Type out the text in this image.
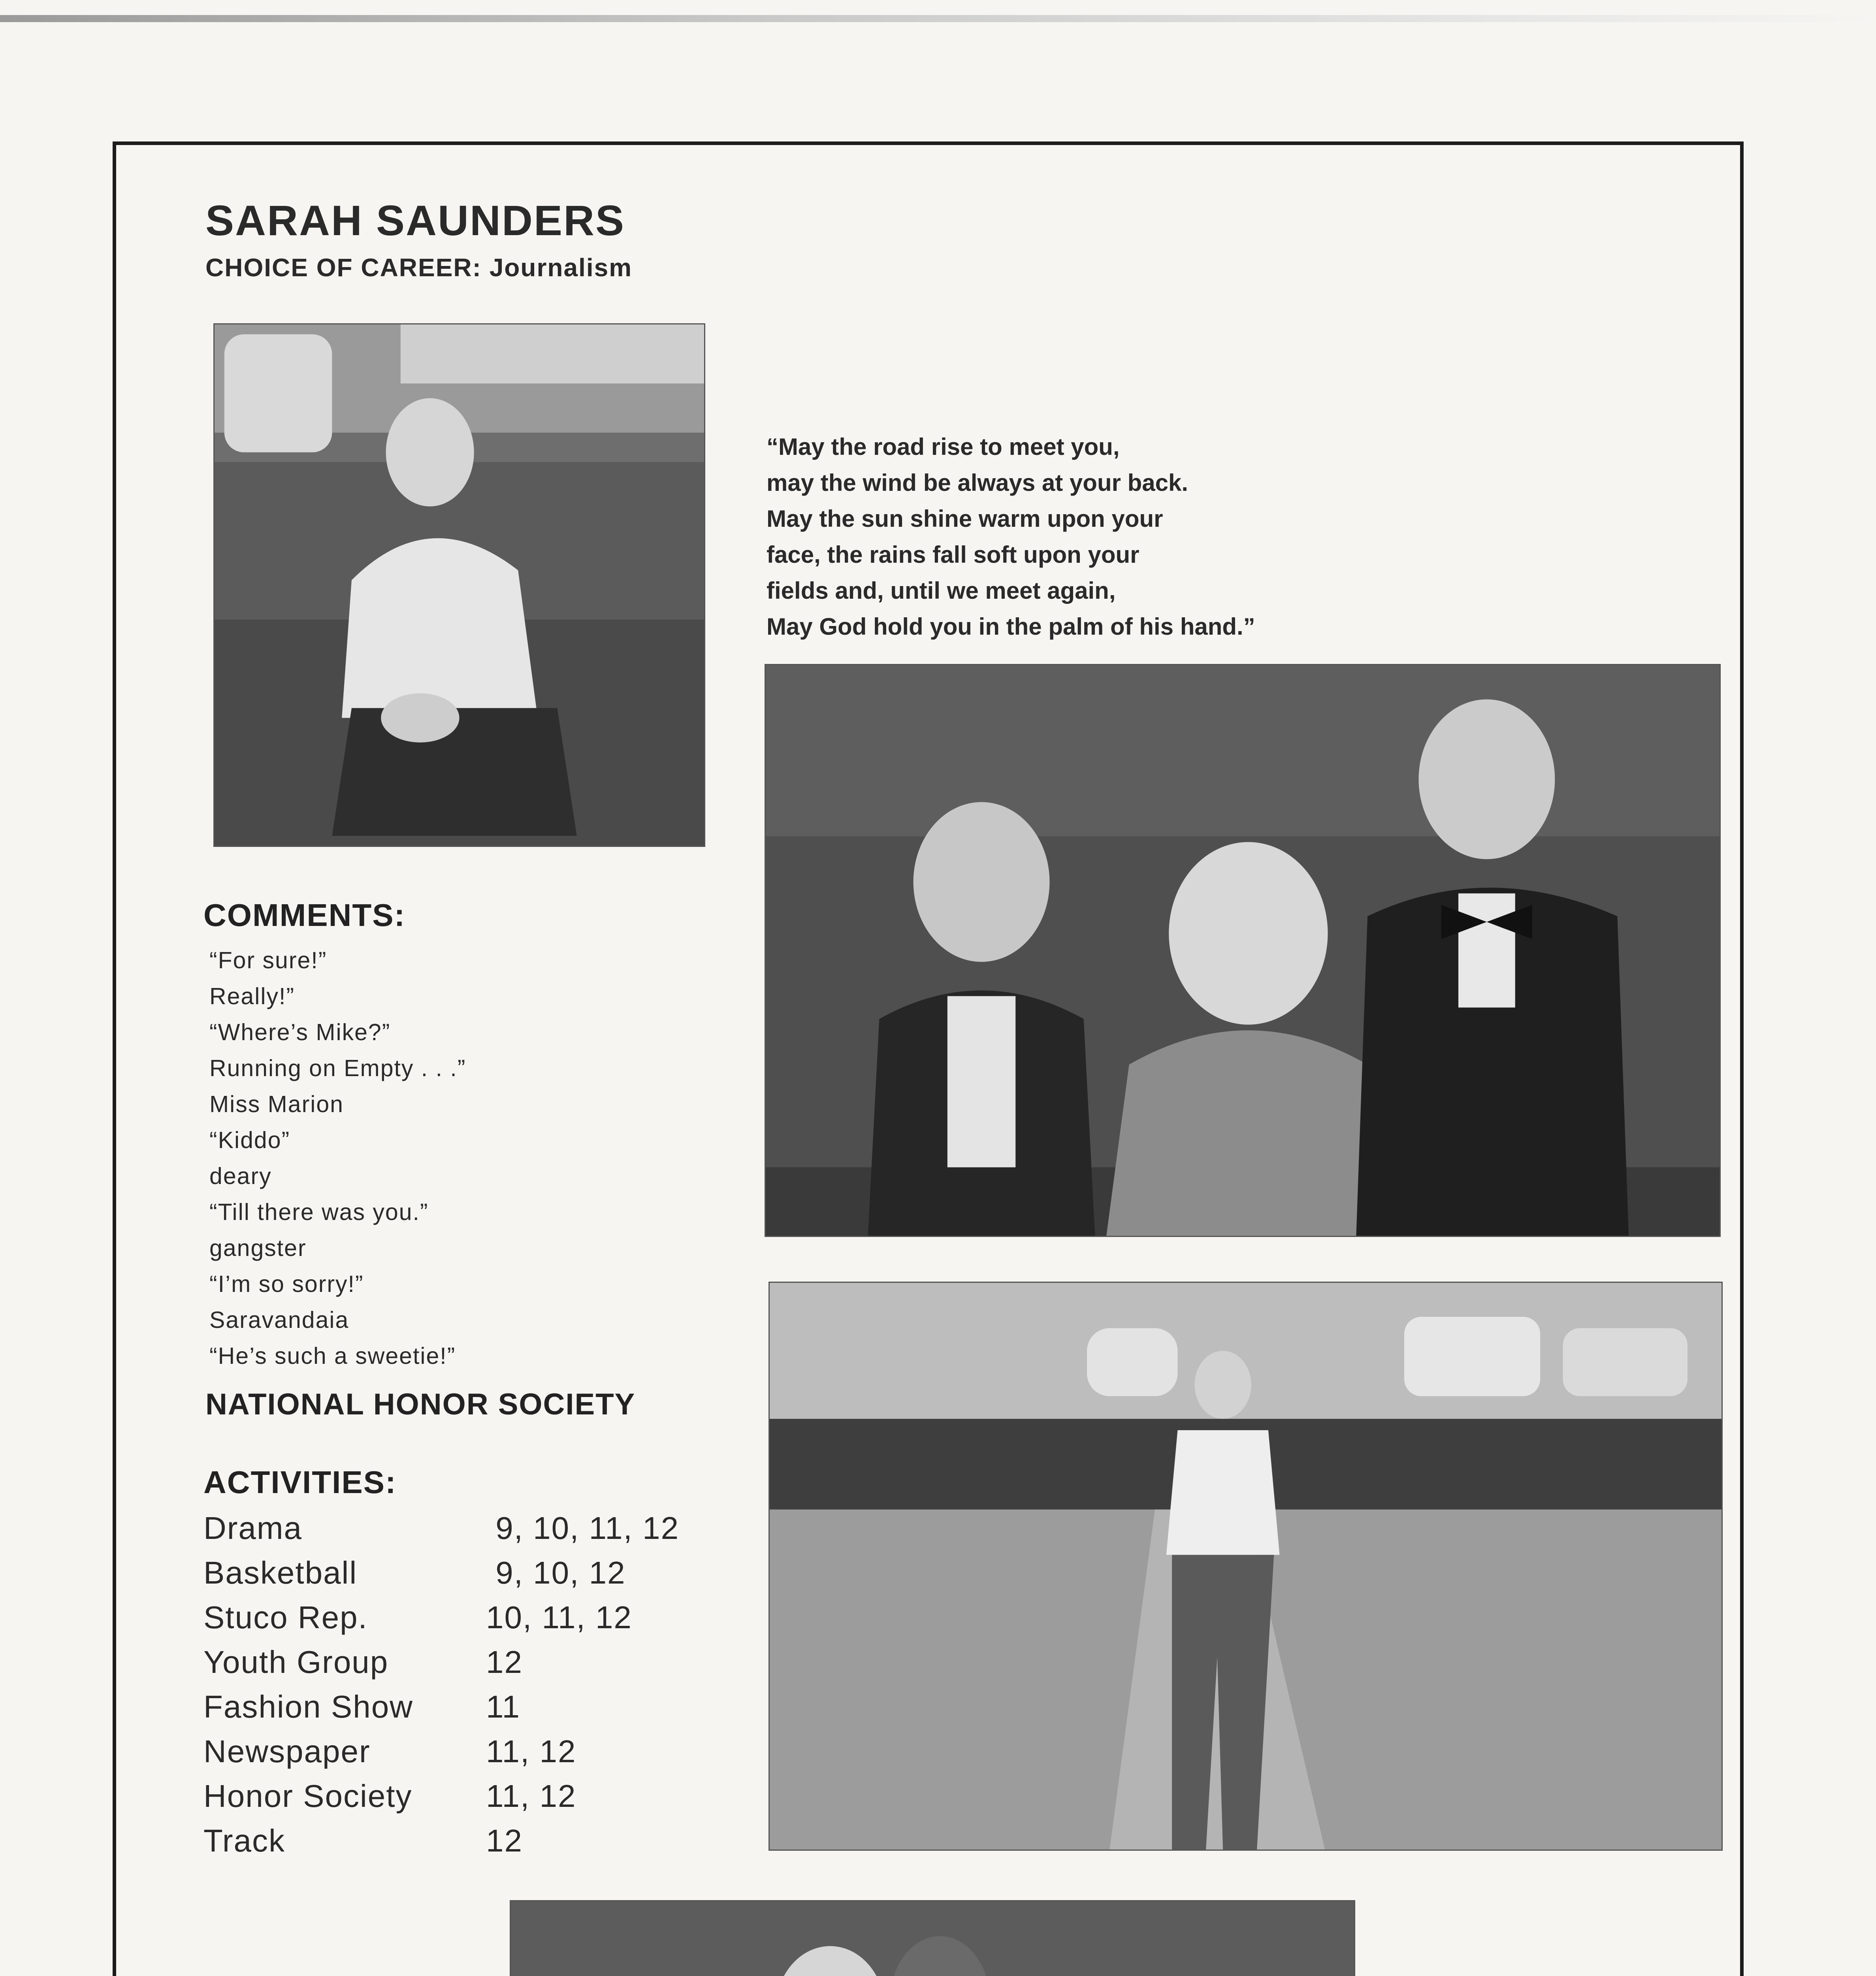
SARAH SAUNDERS
CHOICE OF CAREER: Journalism
“May the road rise to meet you,
may the wind be always at your back.
May the sun shine warm upon your
face, the rains fall soft upon your
fields and, until we meet again,
May God hold you in the palm of his hand.”
COMMENTS:
“For sure!”
Really!”
“Where’s Mike?”
Running on Empty . . .”
Miss Marion
“Kiddo”
deary
“Till there was you.”
gangster
“I’m so sorry!”
Saravandaia
“He’s such a sweetie!”
NATIONAL HONOR SOCIETY
ACTIVITIES:
Drama	9, 10, 11, 12
Basketball	9, 10, 12
Stuco Rep.	10, 11, 12
Youth Group	12
Fashion Show 11
Newspaper	11, 12
Honor Society 11, 12
Track	12
